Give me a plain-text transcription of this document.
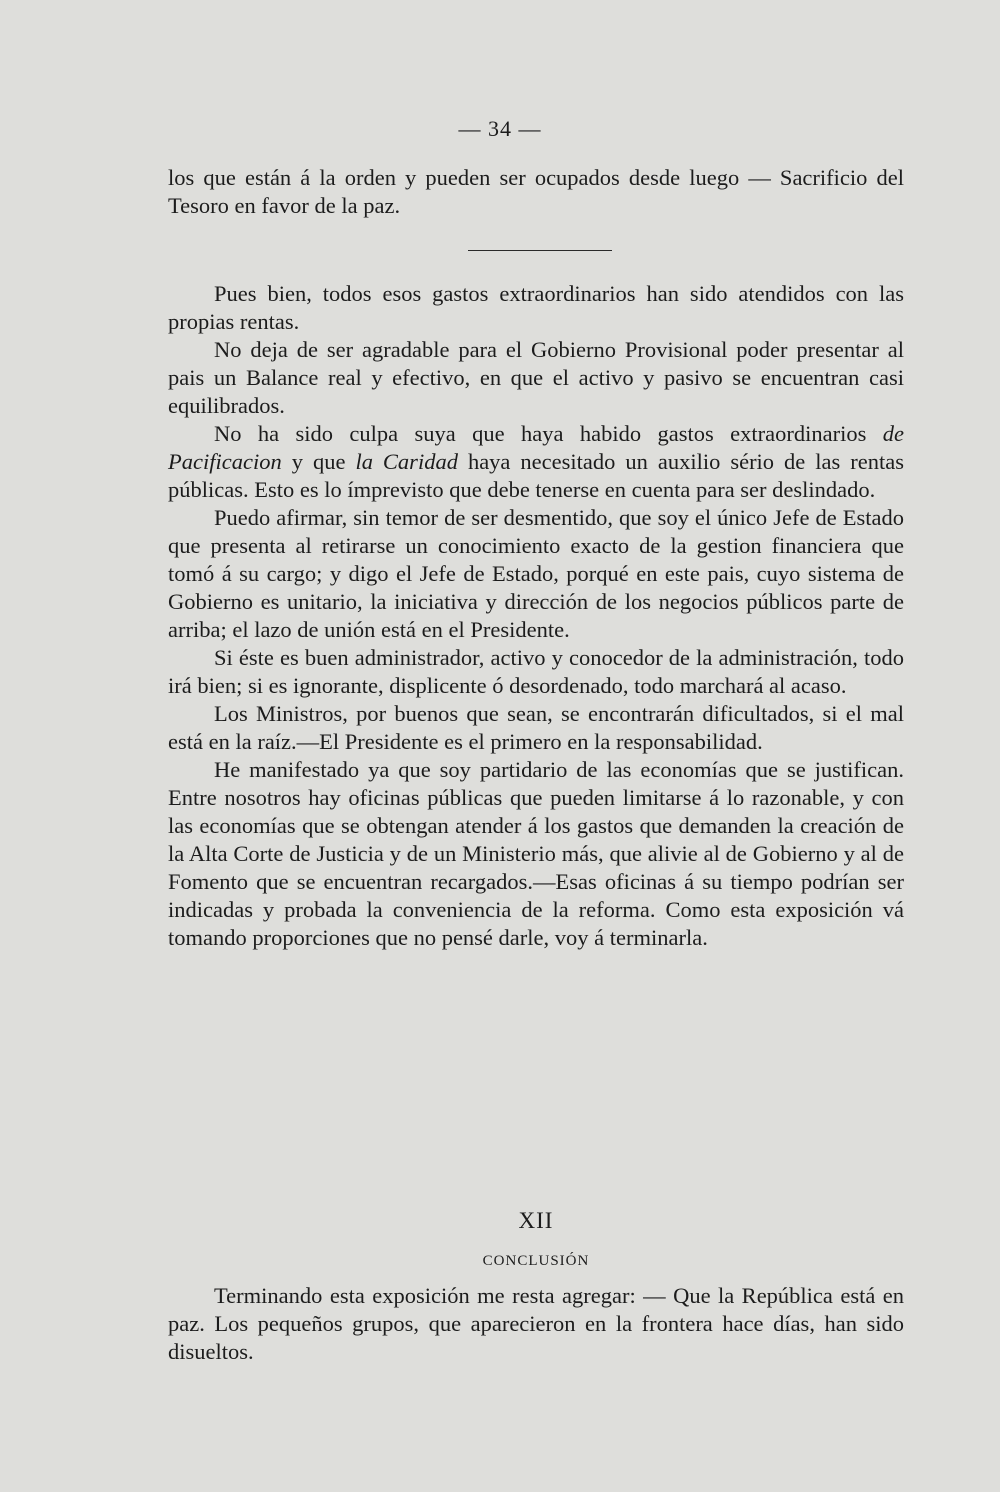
— 34 —

los que están á la orden y pueden ser ocupados desde luego — Sacrificio del Tesoro en favor de la paz.

Pues bien, todos esos gastos extraordinarios han sido atendidos con las propias rentas.

No deja de ser agradable para el Gobierno Provisional poder presentar al pais un Balance real y efectivo, en que el activo y pasivo se encuentran casi equilibrados.

No ha sido culpa suya que haya habido gastos extraordinarios de Pacificacion y que la Caridad haya necesitado un auxilio sério de las rentas públicas. Esto es lo ímprevisto que debe tenerse en cuenta para ser deslindado.

Puedo afirmar, sin temor de ser desmentido, que soy el único Jefe de Estado que presenta al retirarse un conocimiento exacto de la gestion financiera que tomó á su cargo; y digo el Jefe de Estado, porqué en este pais, cuyo sistema de Gobierno es unitario, la iniciativa y dirección de los negocios públicos parte de arriba; el lazo de unión está en el Presidente.

Si éste es buen administrador, activo y conocedor de la administración, todo irá bien; si es ignorante, displicente ó desordenado, todo marchará al acaso.

Los Ministros, por buenos que sean, se encontrarán dificultados, si el mal está en la raíz.—El Presidente es el primero en la responsabilidad.

He manifestado ya que soy partidario de las economías que se justifican. Entre nosotros hay oficinas públicas que pueden limitarse á lo razonable, y con las economías que se obtengan atender á los gastos que demanden la creación de la Alta Corte de Justicia y de un Ministerio más, que alivie al de Gobierno y al de Fomento que se encuentran recargados.—Esas oficinas á su tiempo podrían ser indicadas y probada la conveniencia de la reforma. Como esta exposición vá tomando proporciones que no pensé darle, voy á terminarla.

XII
CONCLUSIÓN

Terminando esta exposición me resta agregar: — Que la República está en paz. Los pequeños grupos, que aparecieron en la frontera hace días, han sido disueltos.
